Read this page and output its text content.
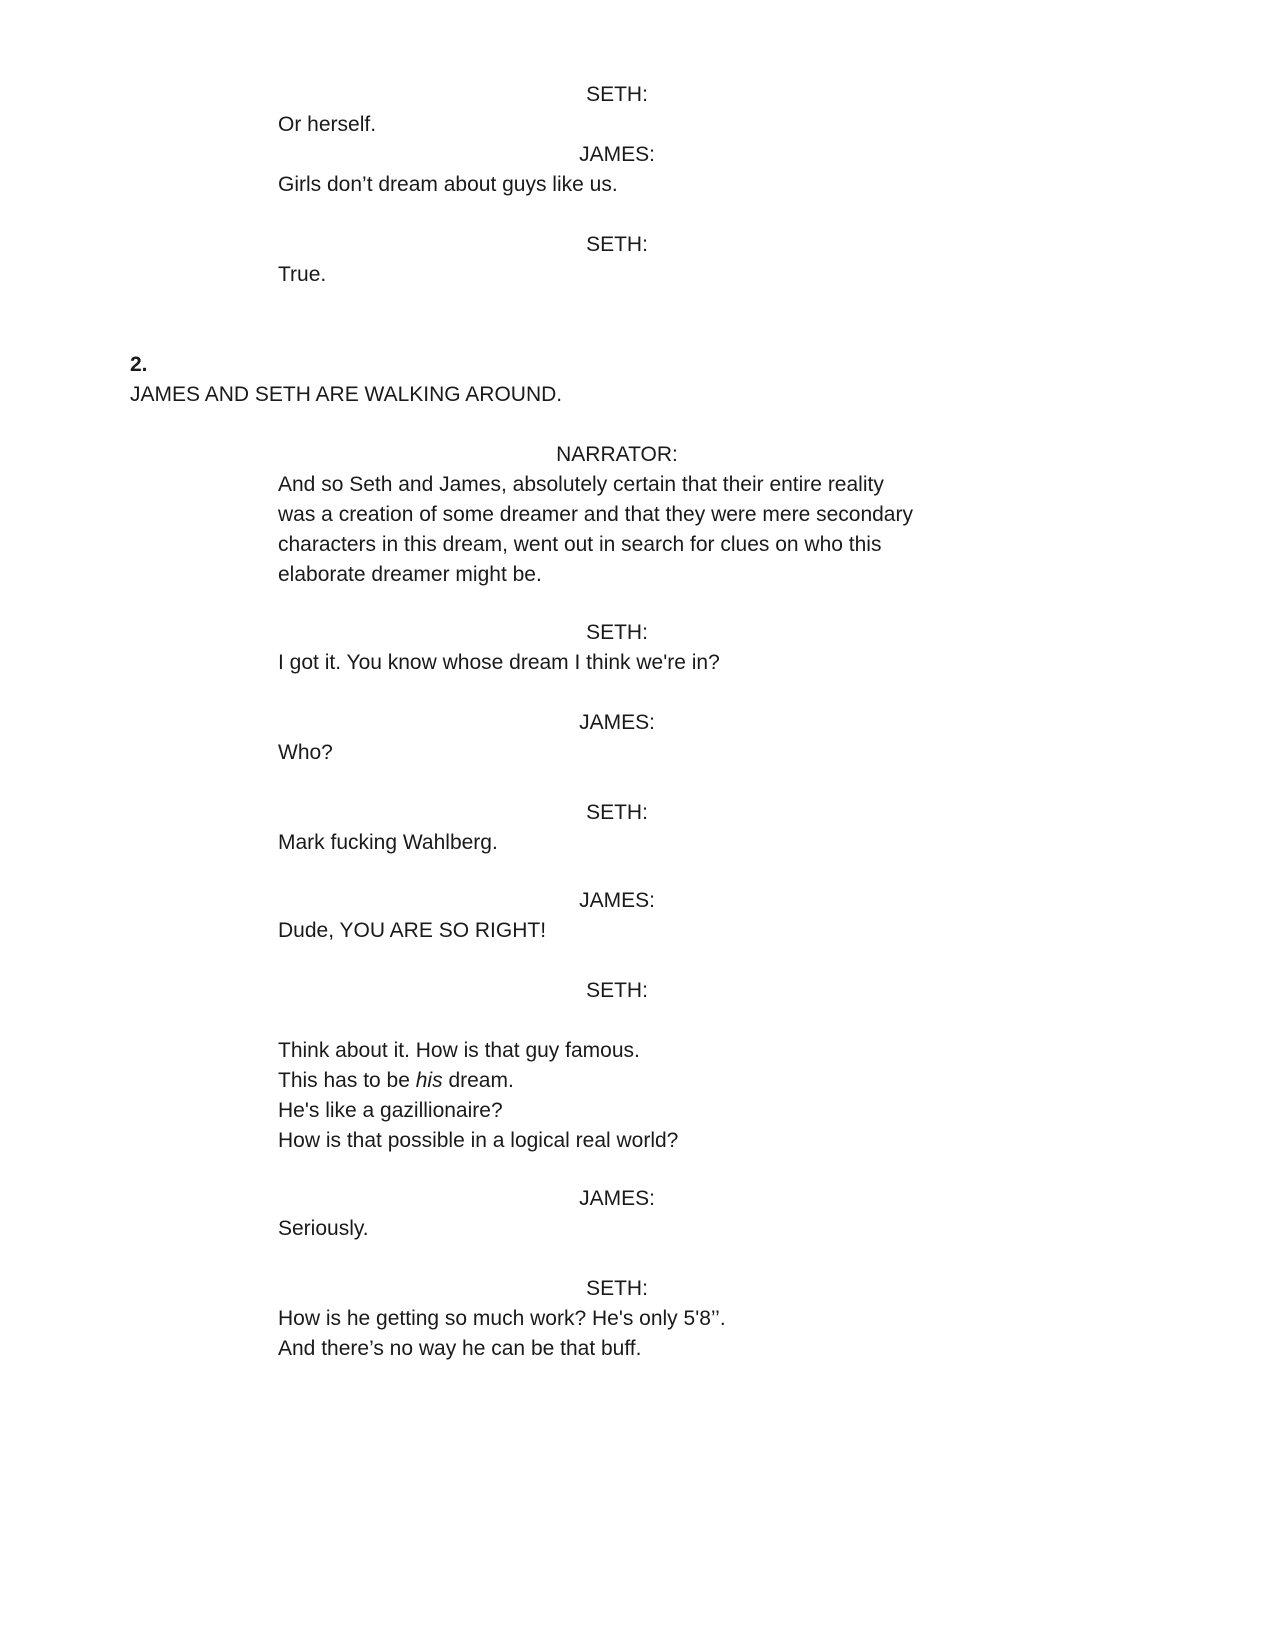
SETH:

Or herself.

JAMES:

Girls don’t dream about guys like us.

SETH:

True.

2.

JAMES AND SETH ARE WALKING AROUND.

NARRATOR:

And so Seth and James, absolutely certain that their entire reality
was a creation of some dreamer and that they were mere secondary
characters in this dream, went out in search for clues on who this
elaborate dreamer might be.

SETH:

I got it. You know whose dream I think we're in?

JAMES:

Who?

SETH:

Mark fucking Wahlberg.

JAMES:

Dude, YOU ARE SO RIGHT!

SETH:

Think about it. How is that guy famous.
This has to be his dream.
He's like a gazillionaire?
How is that possible in a logical real world?

JAMES:

Seriously.

SETH:

How is he getting so much work? He's only 5'8’’.
And there’s no way he can be that buff.
